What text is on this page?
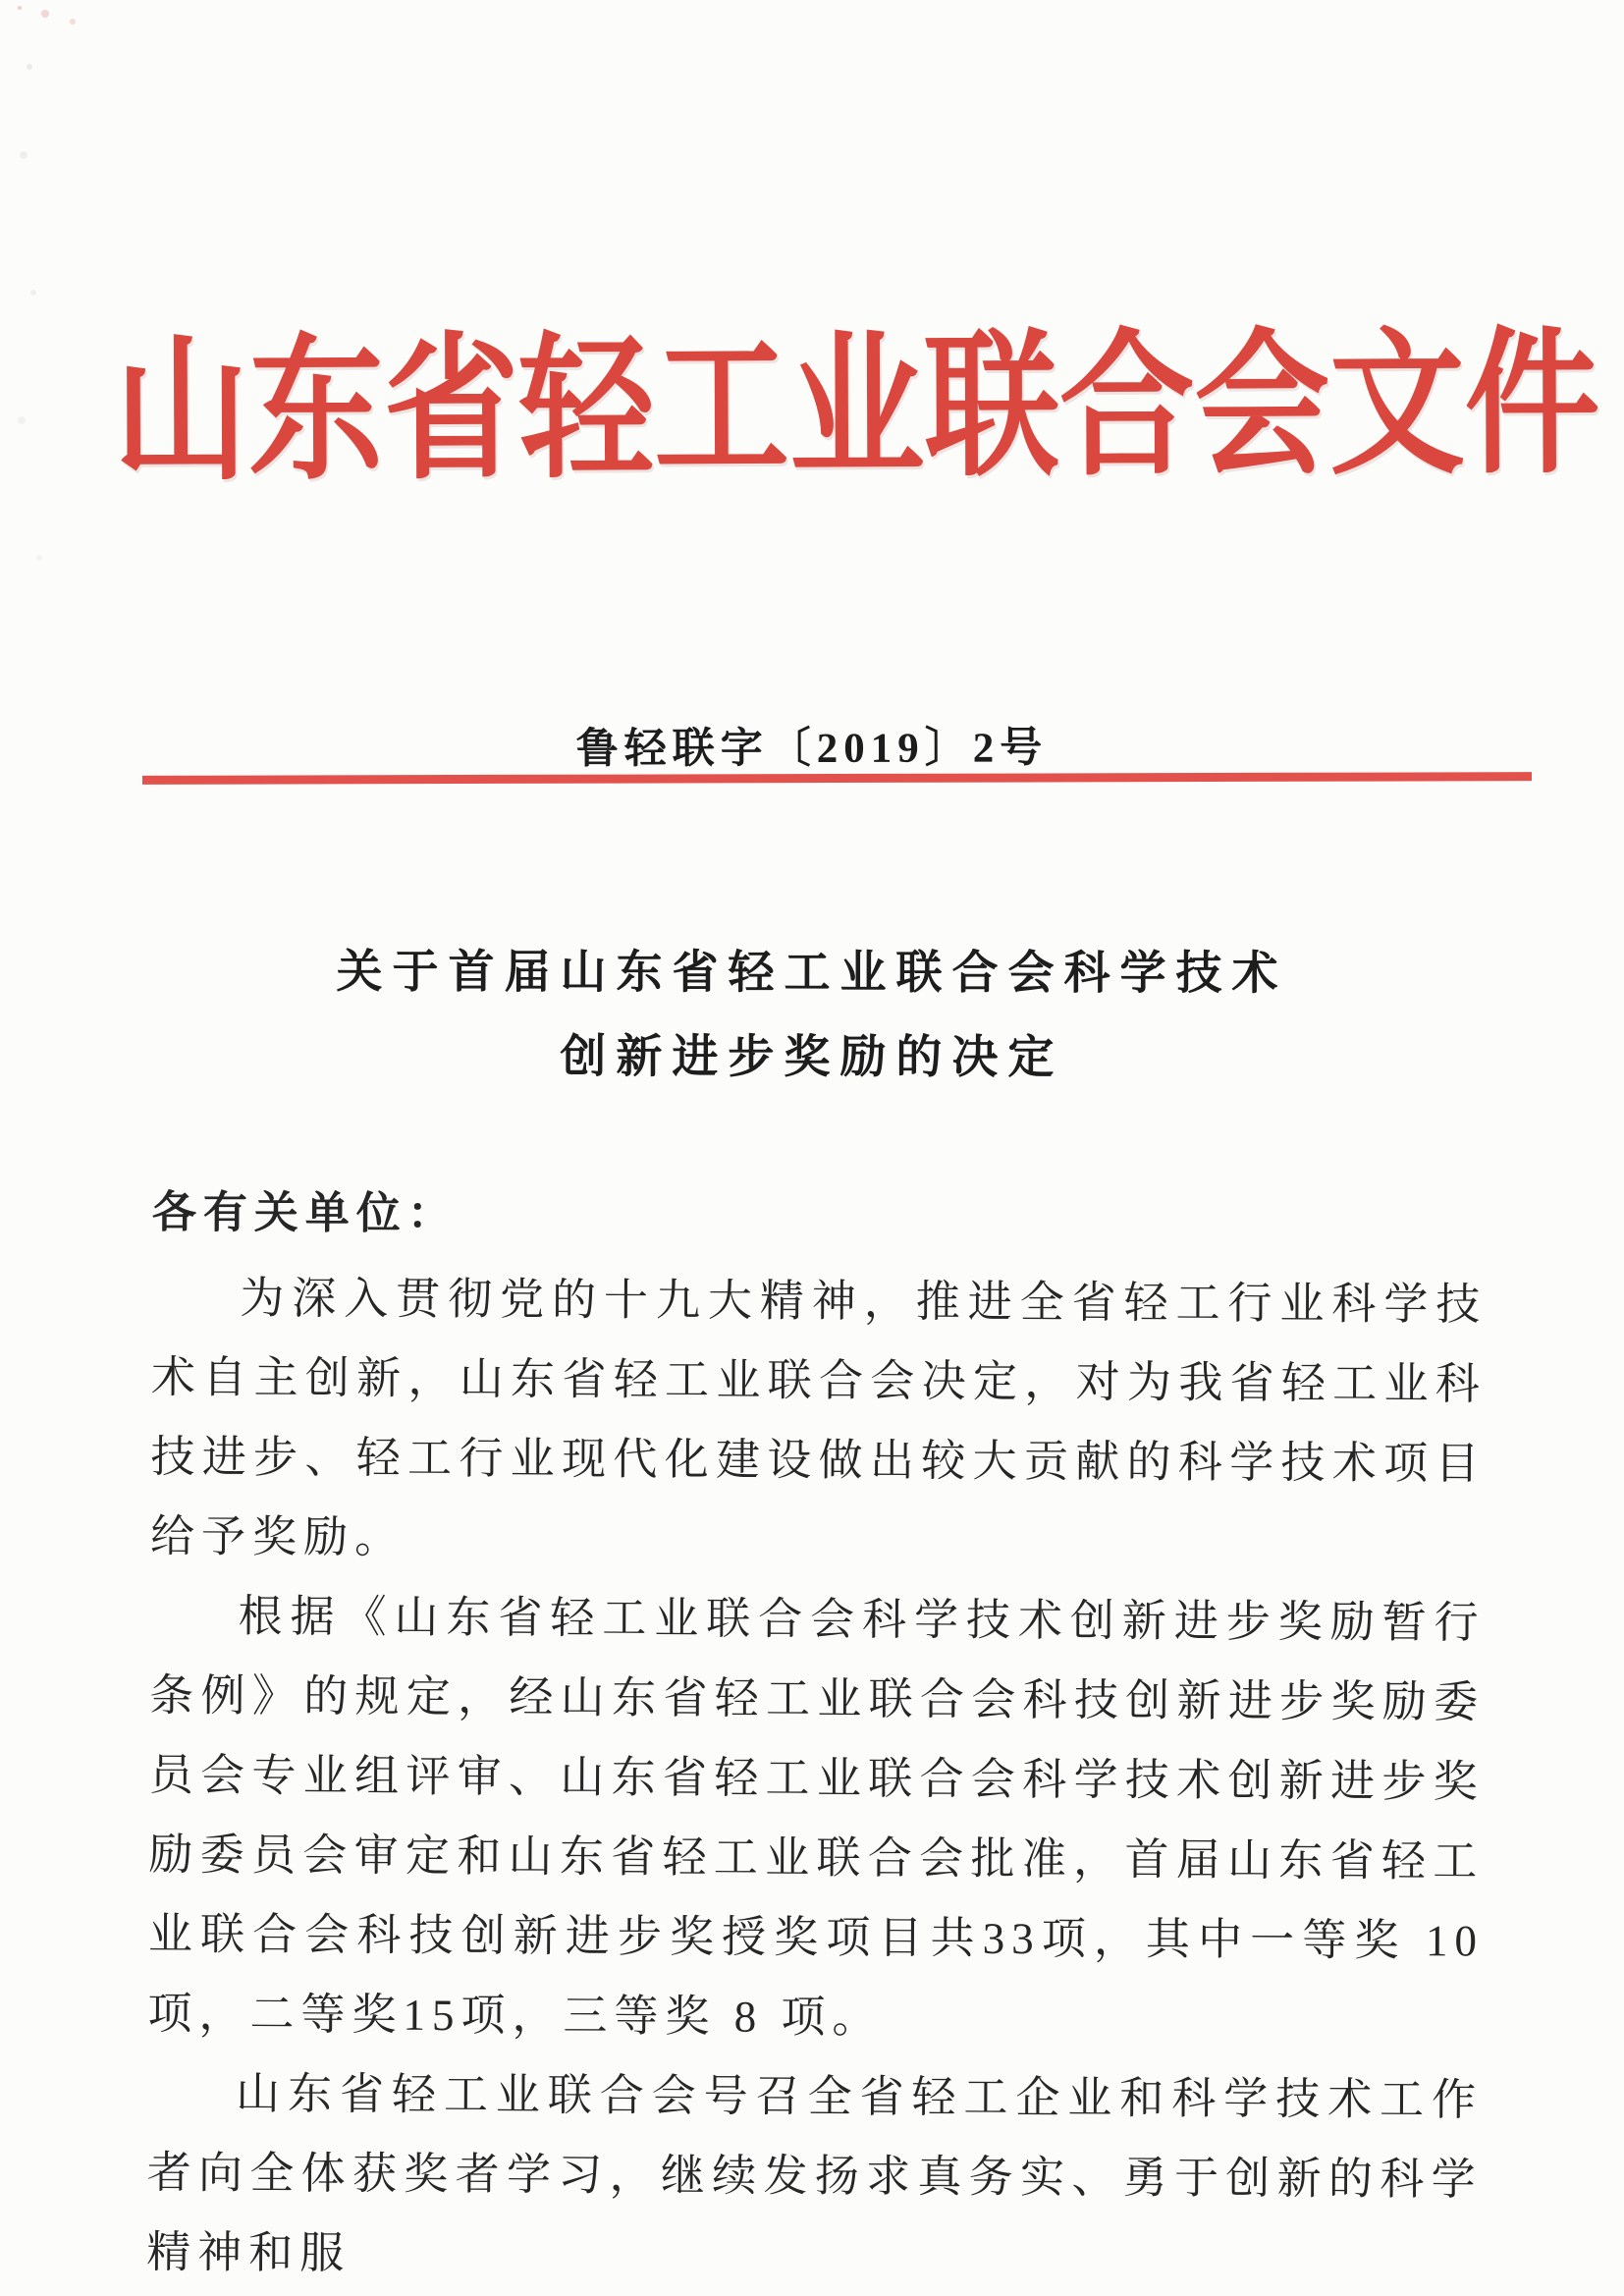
山东省轻工业联合会文件
鲁轻联字〔2019〕2号
关于首届山东省轻工业联合会科学技术
创新进步奖励的决定
各有关单位：

为深入贯彻党的十九大精神，推进全省轻工行业科学技术自主创新，山东省轻工业联合会决定，对为我省轻工业科技进步、轻工行业现代化建设做出较大贡献的科学技术项目给予奖励。

根据《山东省轻工业联合会科学技术创新进步奖励暂行条例》的规定，经山东省轻工业联合会科技创新进步奖励委员会专业组评审、山东省轻工业联合会科学技术创新进步奖励委员会审定和山东省轻工业联合会批准，首届山东省轻工业联合会科技创新进步奖授奖项目共33项，其中一等奖 10项，二等奖15项，三等奖 8 项。

山东省轻工业联合会号召全省轻工企业和科学技术工作者向全体获奖者学习，继续发扬求真务实、勇于创新的科学精神和服
